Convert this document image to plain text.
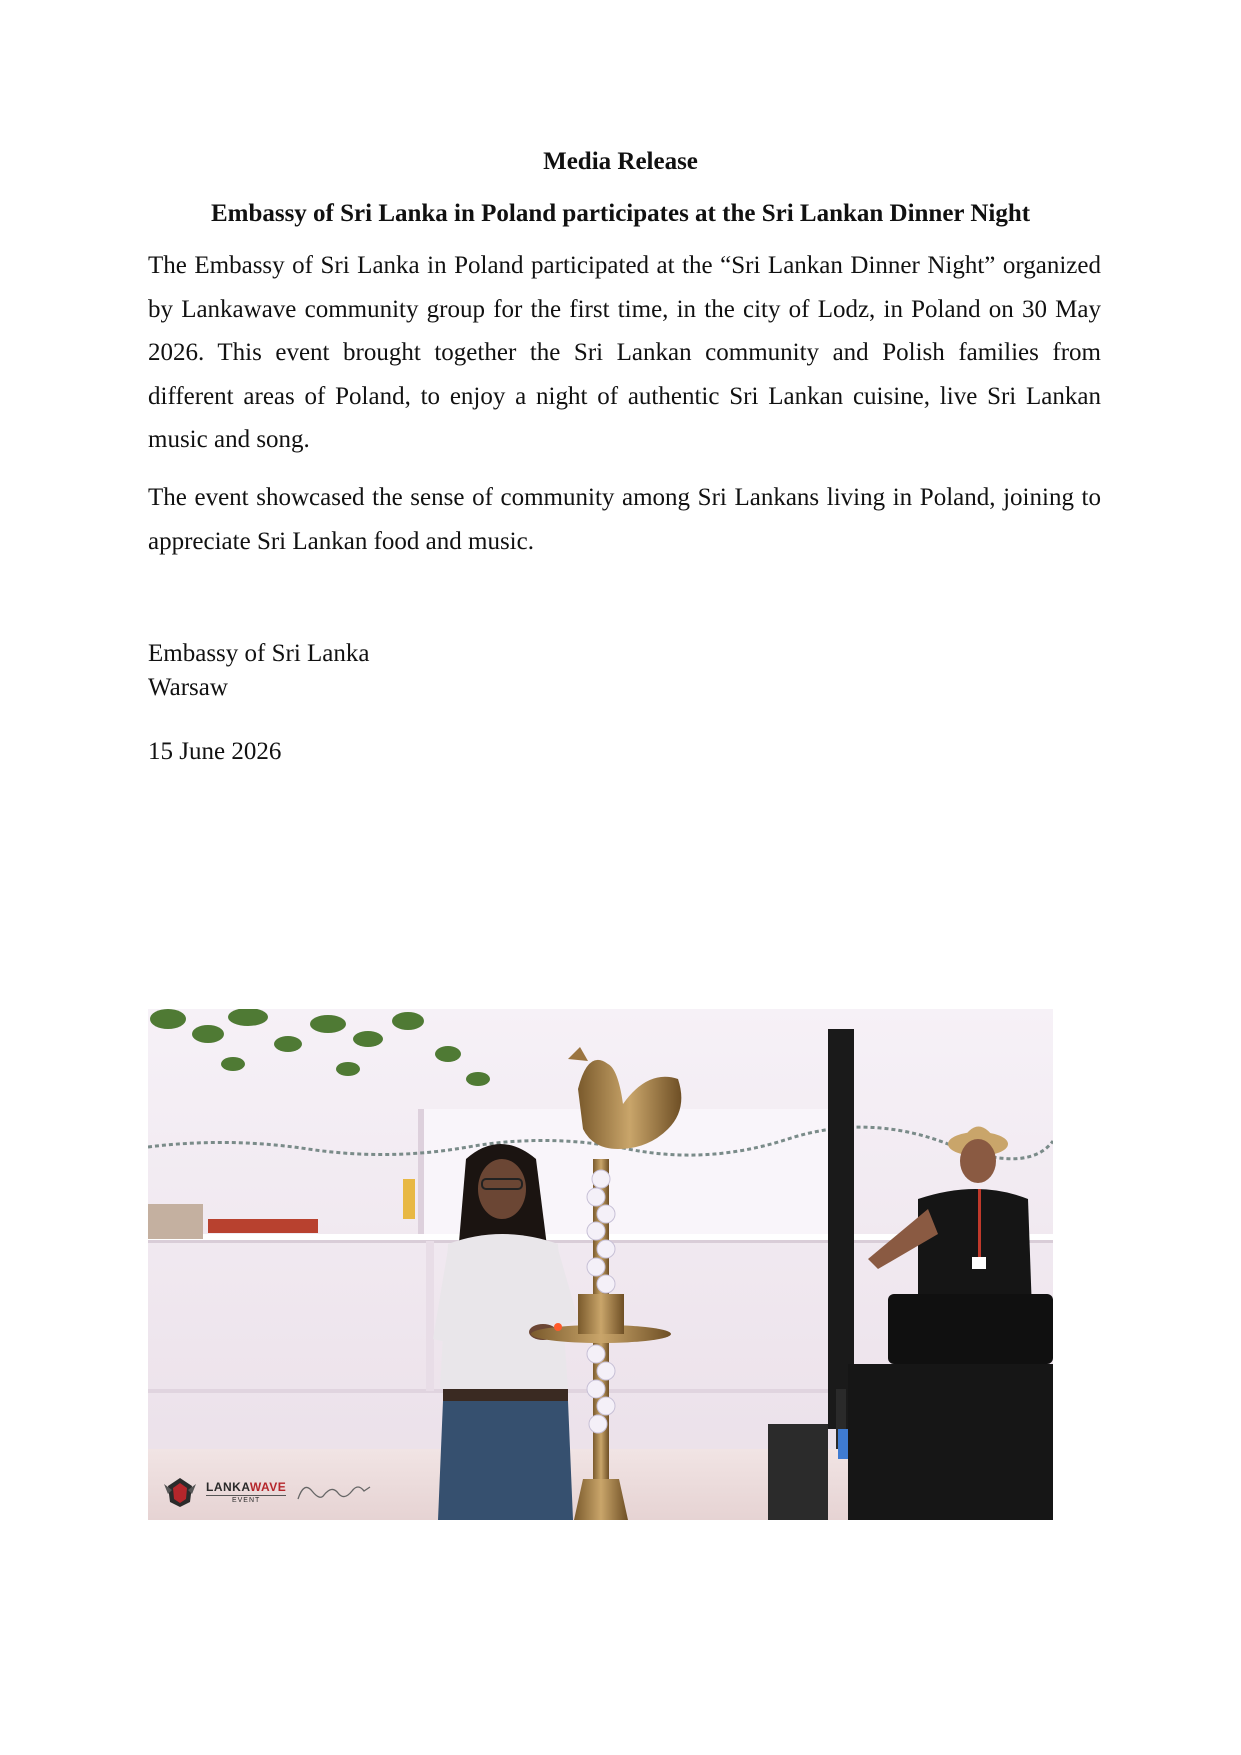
Media Release

Embassy of Sri Lanka in Poland participates at the Sri Lankan Dinner Night

The Embassy of Sri Lanka in Poland participated at the “Sri Lankan Dinner Night” organized by Lankawave community group for the first time, in the city of Lodz, in Poland on 30 May 2026. This event brought together the Sri Lankan community and Polish families from different areas of Poland, to enjoy a night of authentic Sri Lankan cuisine, live Sri Lankan music and song.

The event showcased the sense of community among Sri Lankans living in Poland, joining to appreciate Sri Lankan food and music.

Embassy of Sri Lanka

Warsaw

15 June 2026

LANKAWAVE
EVENT
